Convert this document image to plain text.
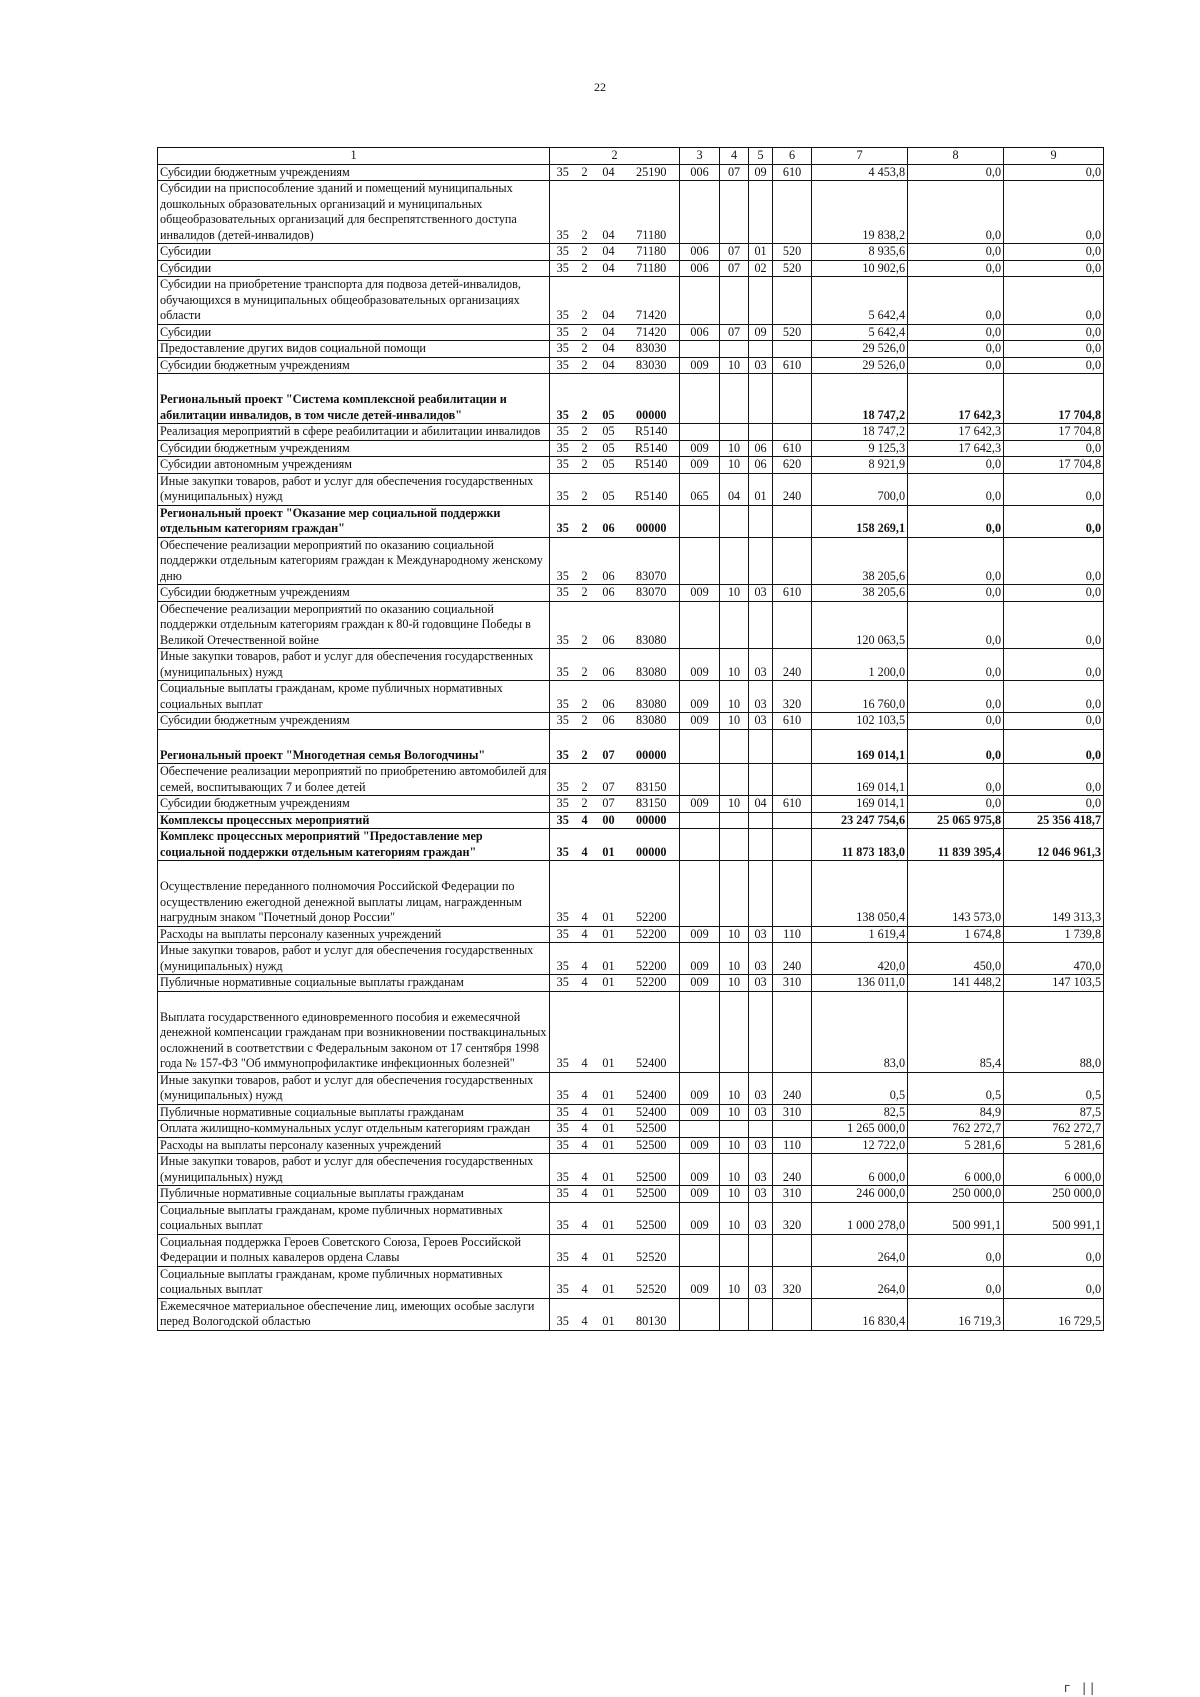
22
1	2				3	4	5	6	7	8	9
Субсидии бюджетным учреждениям	35	2	04	25190	006	07	09	610	4 453,8	0,0	0,0
Субсидии на приспособление зданий и помещений муниципальных дошкольных образовательных организаций и муниципальных общеобразовательных организаций для беспрепятственного доступа инвалидов (детей-инвалидов)	35	2	04	71180					19 838,2	0,0	0,0
Субсидии	35	2	04	71180	006	07	01	520	8 935,6	0,0	0,0
Субсидии	35	2	04	71180	006	07	02	520	10 902,6	0,0	0,0
Субсидии на приобретение транспорта для подвоза детей-инвалидов, обучающихся в муниципальных общеобразовательных организациях области	35	2	04	71420					5 642,4	0,0	0,0
Субсидии	35	2	04	71420	006	07	09	520	5 642,4	0,0	0,0
Предоставление других видов социальной помощи	35	2	04	83030					29 526,0	0,0	0,0
Субсидии бюджетным учреждениям	35	2	04	83030	009	10	03	610	29 526,0	0,0	0,0
Региональный проект "Система комплексной реабилитации и абилитации инвалидов, в том числе детей-инвалидов"	35	2	05	00000					18 747,2	17 642,3	17 704,8
Реализация мероприятий в сфере реабилитации и абилитации инвалидов	35	2	05	R5140					18 747,2	17 642,3	17 704,8
Субсидии бюджетным учреждениям	35	2	05	R5140	009	10	06	610	9 125,3	17 642,3	0,0
Субсидии автономным учреждениям	35	2	05	R5140	009	10	06	620	8 921,9	0,0	17 704,8
Иные закупки товаров, работ и услуг для обеспечения государственных (муниципальных) нужд	35	2	05	R5140	065	04	01	240	700,0	0,0	0,0
Региональный проект "Оказание мер социальной поддержки отдельным категориям граждан"	35	2	06	00000					158 269,1	0,0	0,0
Обеспечение реализации мероприятий по оказанию социальной поддержки отдельным категориям граждан к Международному женскому дню	35	2	06	83070					38 205,6	0,0	0,0
Субсидии бюджетным учреждениям	35	2	06	83070	009	10	03	610	38 205,6	0,0	0,0
Обеспечение реализации мероприятий по оказанию социальной поддержки отдельным категориям граждан к 80-й годовщине Победы в Великой Отечественной войне	35	2	06	83080					120 063,5	0,0	0,0
Иные закупки товаров, работ и услуг для обеспечения государственных (муниципальных) нужд	35	2	06	83080	009	10	03	240	1 200,0	0,0	0,0
Социальные выплаты гражданам, кроме публичных нормативных социальных выплат	35	2	06	83080	009	10	03	320	16 760,0	0,0	0,0
Субсидии бюджетным учреждениям	35	2	06	83080	009	10	03	610	102 103,5	0,0	0,0
Региональный проект "Многодетная семья Вологодчины"	35	2	07	00000					169 014,1	0,0	0,0
Обеспечение реализации мероприятий по приобретению автомобилей для семей, воспитывающих 7 и более детей	35	2	07	83150					169 014,1	0,0	0,0
Субсидии бюджетным учреждениям	35	2	07	83150	009	10	04	610	169 014,1	0,0	0,0
Комплексы процессных мероприятий	35	4	00	00000					23 247 754,6	25 065 975,8	25 356 418,7
Комплекс процессных мероприятий "Предоставление мер социальной поддержки отдельным категориям граждан"	35	4	01	00000					11 873 183,0	11 839 395,4	12 046 961,3
Осуществление переданного полномочия Российской Федерации по осуществлению ежегодной денежной выплаты лицам, награжденным нагрудным знаком "Почетный донор России"	35	4	01	52200					138 050,4	143 573,0	149 313,3
Расходы на выплаты персоналу казенных учреждений	35	4	01	52200	009	10	03	110	1 619,4	1 674,8	1 739,8
Иные закупки товаров, работ и услуг для обеспечения государственных (муниципальных) нужд	35	4	01	52200	009	10	03	240	420,0	450,0	470,0
Публичные нормативные социальные выплаты гражданам	35	4	01	52200	009	10	03	310	136 011,0	141 448,2	147 103,5
Выплата государственного единовременного пособия и ежемесячной денежной компенсации гражданам при возникновении поствакцинальных осложнений в соответствии с Федеральным законом от 17 сентября 1998 года № 157-ФЗ "Об иммунопрофилактике инфекционных болезней"	35	4	01	52400					83,0	85,4	88,0
Иные закупки товаров, работ и услуг для обеспечения государственных (муниципальных) нужд	35	4	01	52400	009	10	03	240	0,5	0,5	0,5
Публичные нормативные социальные выплаты гражданам	35	4	01	52400	009	10	03	310	82,5	84,9	87,5
Оплата жилищно-коммунальных услуг отдельным категориям граждан	35	4	01	52500					1 265 000,0	762 272,7	762 272,7
Расходы на выплаты персоналу казенных учреждений	35	4	01	52500	009	10	03	110	12 722,0	5 281,6	5 281,6
Иные закупки товаров, работ и услуг для обеспечения государственных (муниципальных) нужд	35	4	01	52500	009	10	03	240	6 000,0	6 000,0	6 000,0
Публичные нормативные социальные выплаты гражданам	35	4	01	52500	009	10	03	310	246 000,0	250 000,0	250 000,0
Социальные выплаты гражданам, кроме публичных нормативных социальных выплат	35	4	01	52500	009	10	03	320	1 000 278,0	500 991,1	500 991,1
Социальная поддержка Героев Советского Союза, Героев Российской Федерации и полных кавалеров ордена Славы	35	4	01	52520					264,0	0,0	0,0
Социальные выплаты гражданам, кроме публичных нормативных социальных выплат	35	4	01	52520	009	10	03	320	264,0	0,0	0,0
Ежемесячное материальное обеспечение лиц, имеющих особые заслуги перед Вологодской областью	35	4	01	80130					16 830,4	16 719,3	16 729,5
г ||
